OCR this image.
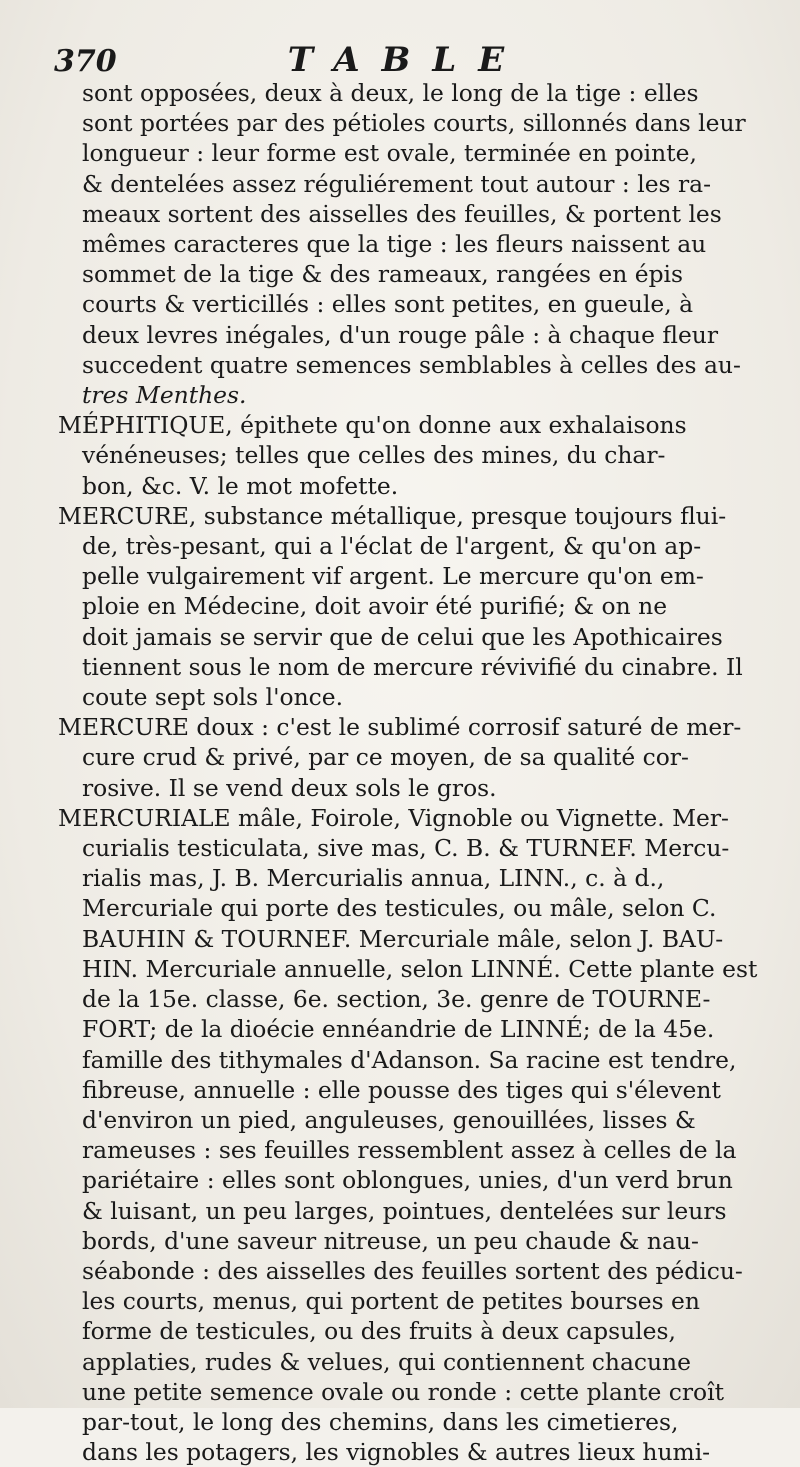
370	TABLE
sont opposées, deux à deux, le long de la tige : elles
sont portées par des pétioles courts, sillonnés dans leur
longueur : leur forme est ovale, terminée en pointe,
& dentelées assez réguliérement tout autour : les ra-
meaux sortent des aisselles des feuilles, & portent les
mêmes caracteres que la tige : les fleurs naissent au
sommet de la tige & des rameaux, rangées en épis
courts & verticillés : elles sont petites, en gueule, à
deux levres inégales, d'un rouge pâle : à chaque fleur
succedent quatre semences semblables à celles des au-
tres Menthes.
MÉPHITIQUE, épithete qu'on donne aux exhalaisons
vénéneuses; telles que celles des mines, du char-
bon, &c. V. le mot mofette.
MERCURE, substance métallique, presque toujours flui-
de, très-pesant, qui a l'éclat de l'argent, & qu'on ap-
pelle vulgairement vif argent. Le mercure qu'on em-
ploie en Médecine, doit avoir été purifié; & on ne
doit jamais se servir que de celui que les Apothicaires
tiennent sous le nom de mercure révivifié du cinabre. Il
coute sept sols l'once.
MERCURE doux : c'est le sublimé corrosif saturé de mer-
cure crud & privé, par ce moyen, de sa qualité cor-
rosive. Il se vend deux sols le gros.
MERCURIALE mâle, Foirole, Vignoble ou Vignette. Mer-
curialis testiculata, sive mas, C. B. & TURNEF. Mercu-
rialis mas, J. B. Mercurialis annua, LINN., c. à d.,
Mercuriale qui porte des testicules, ou mâle, selon C.
BAUHIN & TOURNEF. Mercuriale mâle, selon J. BAU-
HIN. Mercuriale annuelle, selon LINNÉ. Cette plante est
de la 15e. classe, 6e. section, 3e. genre de TOURNE-
FORT; de la dioécie ennéandrie de LINNÉ; de la 45e.
famille des tithymales d'Adanson. Sa racine est tendre,
fibreuse, annuelle : elle pousse des tiges qui s'élevent
d'environ un pied, anguleuses, genouillées, lisses &
rameuses : ses feuilles ressemblent assez à celles de la
pariétaire : elles sont oblongues, unies, d'un verd brun
& luisant, un peu larges, pointues, dentelées sur leurs
bords, d'une saveur nitreuse, un peu chaude & nau-
séabonde : des aisselles des feuilles sortent des pédicu-
les courts, menus, qui portent de petites bourses en
forme de testicules, ou des fruits à deux capsules,
applaties, rudes & velues, qui contiennent chacune
une petite semence ovale ou ronde : cette plante croît
par-tout, le long des chemins, dans les cimetieres,
dans les potagers, les vignobles & autres lieux humi-
